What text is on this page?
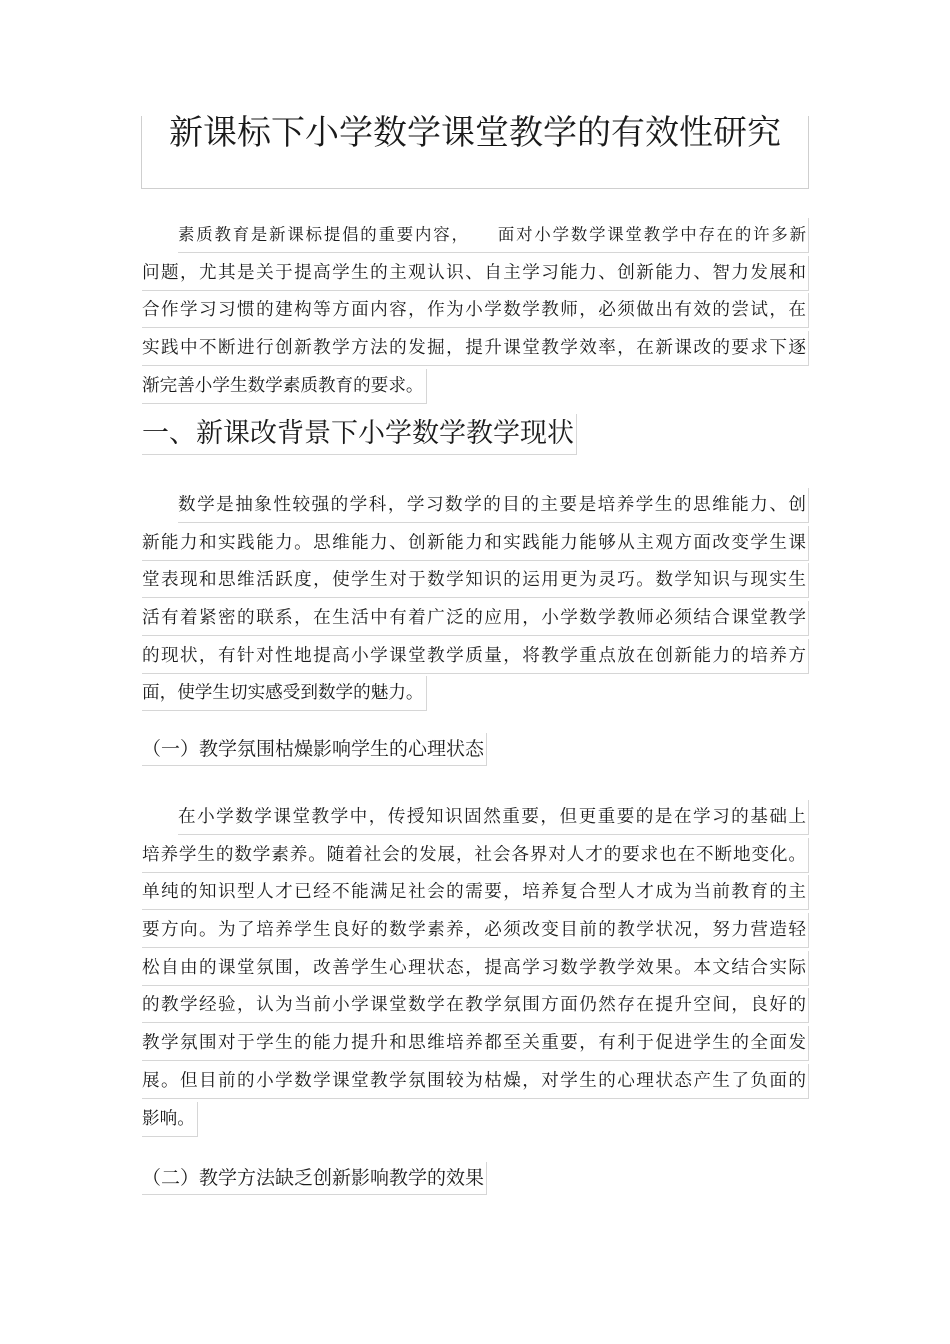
新课标下小学数学课堂教学的有效性研究
素质教育是新课标提倡的重要内容，　　面对小学数学课堂教学中存在的许多新
问题，尤其是关于提高学生的主观认识、自主学习能力、创新能力、智力发展和
合作学习习惯的建构等方面内容，作为小学数学教师，必须做出有效的尝试，在
实践中不断进行创新教学方法的发掘，提升课堂教学效率，在新课改的要求下逐
渐完善小学生数学素质教育的要求。
一、新课改背景下小学数学教学现状
数学是抽象性较强的学科，学习数学的目的主要是培养学生的思维能力、创
新能力和实践能力。思维能力、创新能力和实践能力能够从主观方面改变学生课
堂表现和思维活跃度，使学生对于数学知识的运用更为灵巧。数学知识与现实生
活有着紧密的联系，在生活中有着广泛的应用，小学数学教师必须结合课堂教学
的现状，有针对性地提高小学课堂教学质量，将教学重点放在创新能力的培养方
面，使学生切实感受到数学的魅力。
（一）教学氛围枯燥影响学生的心理状态
在小学数学课堂教学中，传授知识固然重要，但更重要的是在学习的基础上
培养学生的数学素养。随着社会的发展，社会各界对人才的要求也在不断地变化。
单纯的知识型人才已经不能满足社会的需要，培养复合型人才成为当前教育的主
要方向。为了培养学生良好的数学素养，必须改变目前的教学状况，努力营造轻
松自由的课堂氛围，改善学生心理状态，提高学习数学教学效果。本文结合实际
的教学经验，认为当前小学课堂数学在教学氛围方面仍然存在提升空间，良好的
教学氛围对于学生的能力提升和思维培养都至关重要，有利于促进学生的全面发
展。但目前的小学数学课堂教学氛围较为枯燥，对学生的心理状态产生了负面的
影响。
（二）教学方法缺乏创新影响教学的效果
